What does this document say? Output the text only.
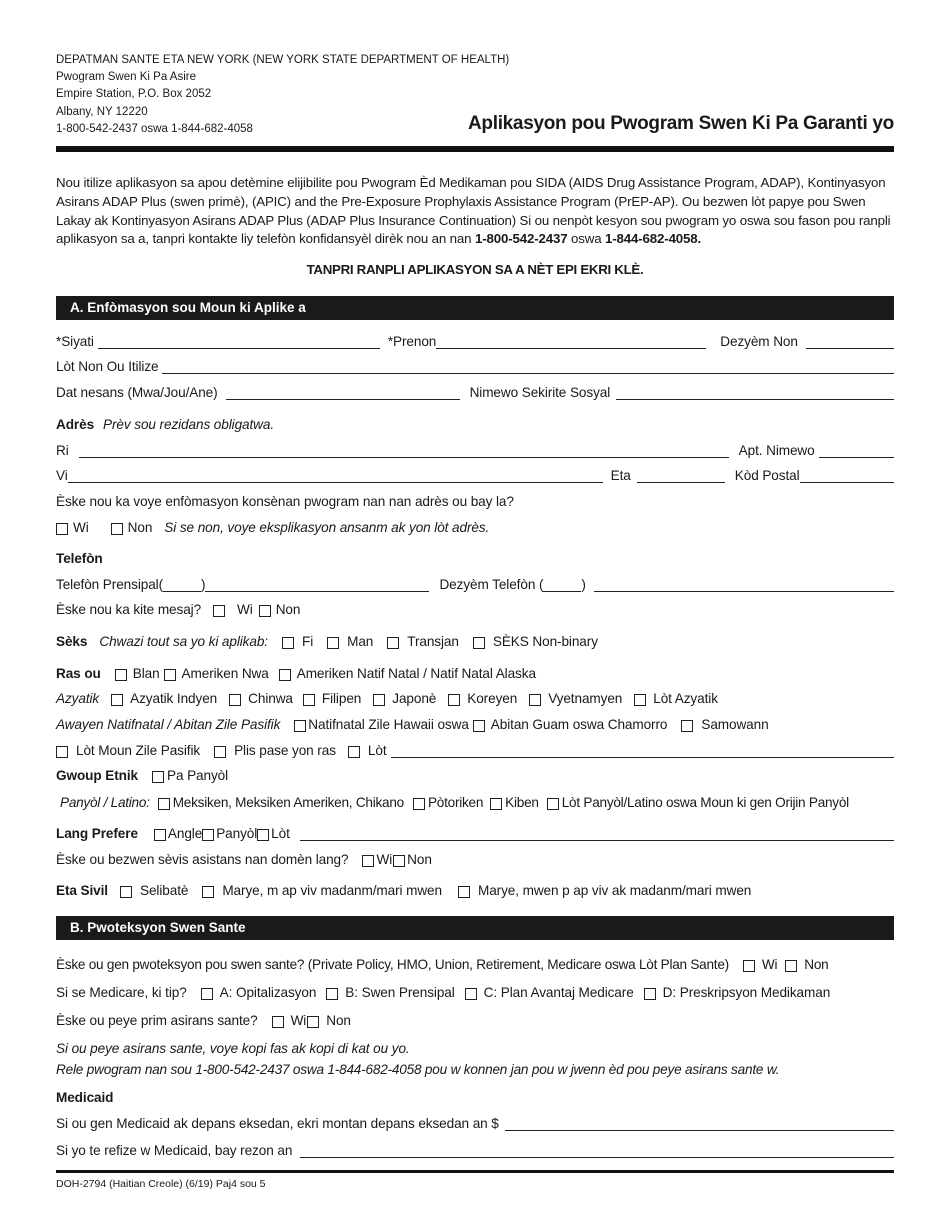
DEPATMAN SANTE ETA NEW YORK (NEW YORK STATE DEPARTMENT OF HEALTH)
Pwogram Swen Ki Pa Asire
Empire Station, P.O. Box 2052
Albany, NY 12220
1-800-542-2437 oswa 1-844-682-4058	Aplikasyon pou Pwogram Swen Ki Pa Garanti yo
Nou itilize aplikasyon sa apou detèmine elijibilite pou Pwogram Èd Medikaman pou SIDA (AIDS Drug Assistance Program, ADAP), Kontinyasyon Asirans ADAP Plus (swen primè), (APIC) and the Pre-Exposure Prophylaxis Assistance Program (PrEP-AP). Ou bezwen lòt papye pou Swen Lakay ak Kontinyasyon Asirans ADAP Plus (ADAP Plus Insurance Continuation) Si ou nenpòt kesyon sou pwogram yo oswa sou fason pou ranpli aplikasyon sa a, tanpri kontakte liy telefòn konfidansyèl dirèk nou an nan 1-800-542-2437 oswa 1-844-682-4058.
TANPRI RANPLI APLIKASYON SA A NÈT EPI EKRI KLÈ.
A. Enfòmasyon sou Moun ki Aplike a
*Siyati	*Prenon	Dezyèm Non
Lòt Non Ou Itilize
Dat nesans (Mwa/Jou/Ane)	Nimewo Sekirite Sosyal
Adrès Prèv sou rezidans obligatwa.
Ri	Apt. Nimewo
Vi	Eta	Kòd Postal
Èske nou ka voye enfòmasyon konsènan pwogram nan nan adrès ou bay la?
Wi	Non Si se non, voye eksplikasyon ansanm ak yon lòt adrès.
Telefòn
Telefòn Prensipal(	)	Dezyèm Telefòn (	)
Èske nou ka kite mesaj?	Wi Non
Sèks Chwazi tout sa yo ki aplikab:	Fi	Man	Transjan	SÈKS Non-binary
Ras ou Blan Ameriken Nwa Ameriken Natif Natal / Natif Natal Alaska
Azyatik Azyatik Indyen Chinwa Filipen Japonè Koreyen Vyetnamyen Lòt Azyatik
Awayen Natifnatal / Abitan Zile Pasifik Natifnatal Zile Hawaii oswa Abitan Guam oswa Chamorro	Samowann
Lòt Moun Zile Pasifik	Plis pase yon ras Lòt
Gwoup Etnik Pa Panyòl
Panyòl / Latino: Meksiken, Meksiken Ameriken, Chikano Pòtoriken Kiben Lòt Panyòl/Latino oswa Moun ki gen Orijin Panyòl
Lang Prefere Angle Panyòl Lòt
Èske ou bezwen sèvis asistans nan domèn lang? Wi Non
Eta Sivil Selibatè	Marye, m ap viv madanm/mari mwen	Marye, mwen p ap viv ak madanm/mari mwen
B. Pwoteksyon Swen Sante
Èske ou gen pwoteksyon pou swen sante? (Private Policy, HMO, Union, Retirement, Medicare oswa Lòt Plan Sante) Wi Non
Si se Medicare, ki tip? A: Opitalizasyon B: Swen Prensipal C: Plan Avantaj Medicare D: Preskripsyon Medikaman
Èske ou peye prim asirans sante? Wi Non
Si ou peye asirans sante, voye kopi fas ak kopi di kat ou yo.
Rele pwogram nan sou 1-800-542-2437 oswa 1-844-682-4058 pou w konnen jan pou w jwenn èd pou peye asirans sante w.
Medicaid
Si ou gen Medicaid ak depans eksedan, ekri montan depans eksedan an $
Si yo te refize w Medicaid, bay rezon an
DOH-2794 (Haitian Creole) (6/19) Paj4 sou 5
